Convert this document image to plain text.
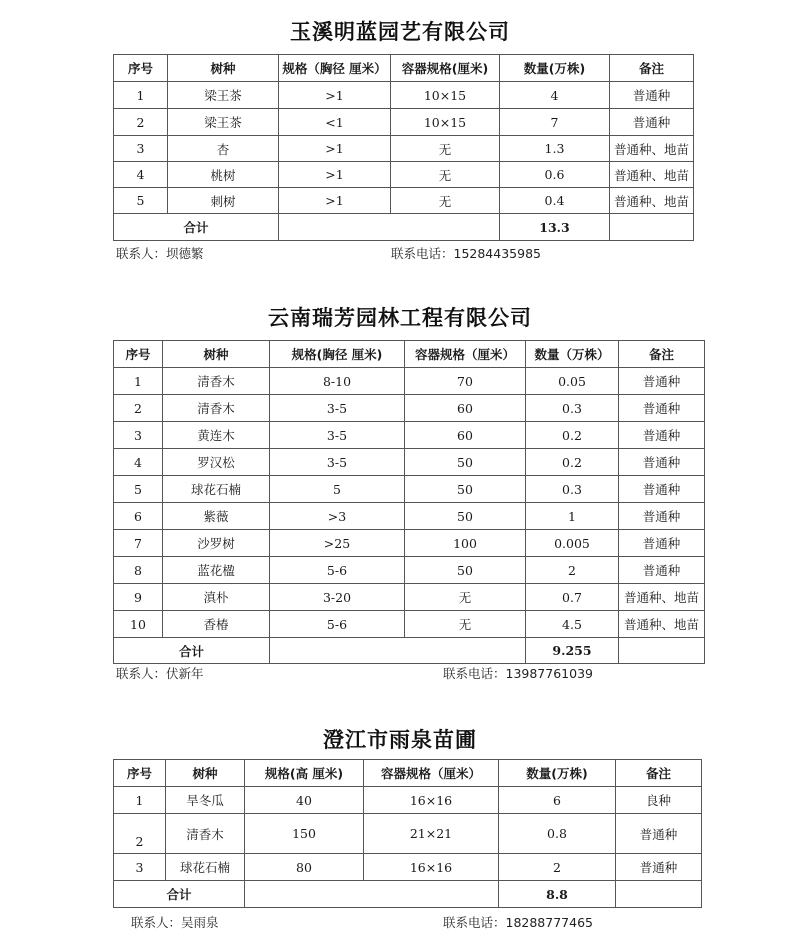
玉溪明蓝园艺有限公司
序号	树种	规格（胸径 厘米）	容器规格(厘米)	数量(万株)	备注
1	梁王茶	>1	10×15	4	普通种
2	梁王茶	<1	10×15	7	普通种
3	杏	>1	无	1.3	普通种、地苗
4	桃树	>1	无	0.6	普通种、地苗
5	刺树	>1	无	0.4	普通种、地苗
合计				13.3	
联系人：坝德繁	联系电话：15284435985
云南瑞芳园林工程有限公司
序号	树种	规格(胸径 厘米)	容器规格（厘米）	数量（万株）	备注
1	清香木	8-10	70	0.05	普通种
2	清香木	3-5	60	0.3	普通种
3	黄连木	3-5	60	0.2	普通种
4	罗汉松	3-5	50	0.2	普通种
5	球花石楠	5	50	0.3	普通种
6	紫薇	>3	50	1	普通种
7	沙罗树	>25	100	0.005	普通种
8	蓝花楹	5-6	50	2	普通种
9	滇朴	3-20	无	0.7	普通种、地苗
10	香椿	5-6	无	4.5	普通种、地苗
合计				9.255	
联系人：伏新年	联系电话：13987761039
澄江市雨泉苗圃
序号	树种	规格(高 厘米)	容器规格（厘米）	数量(万株)	备注
1	旱冬瓜	40	16×16	6	良种
2	清香木	150	21×21	0.8	普通种
3	球花石楠	80	16×16	2	普通种
合计				8.8	
联系人：吴雨泉	联系电话：18288777465
